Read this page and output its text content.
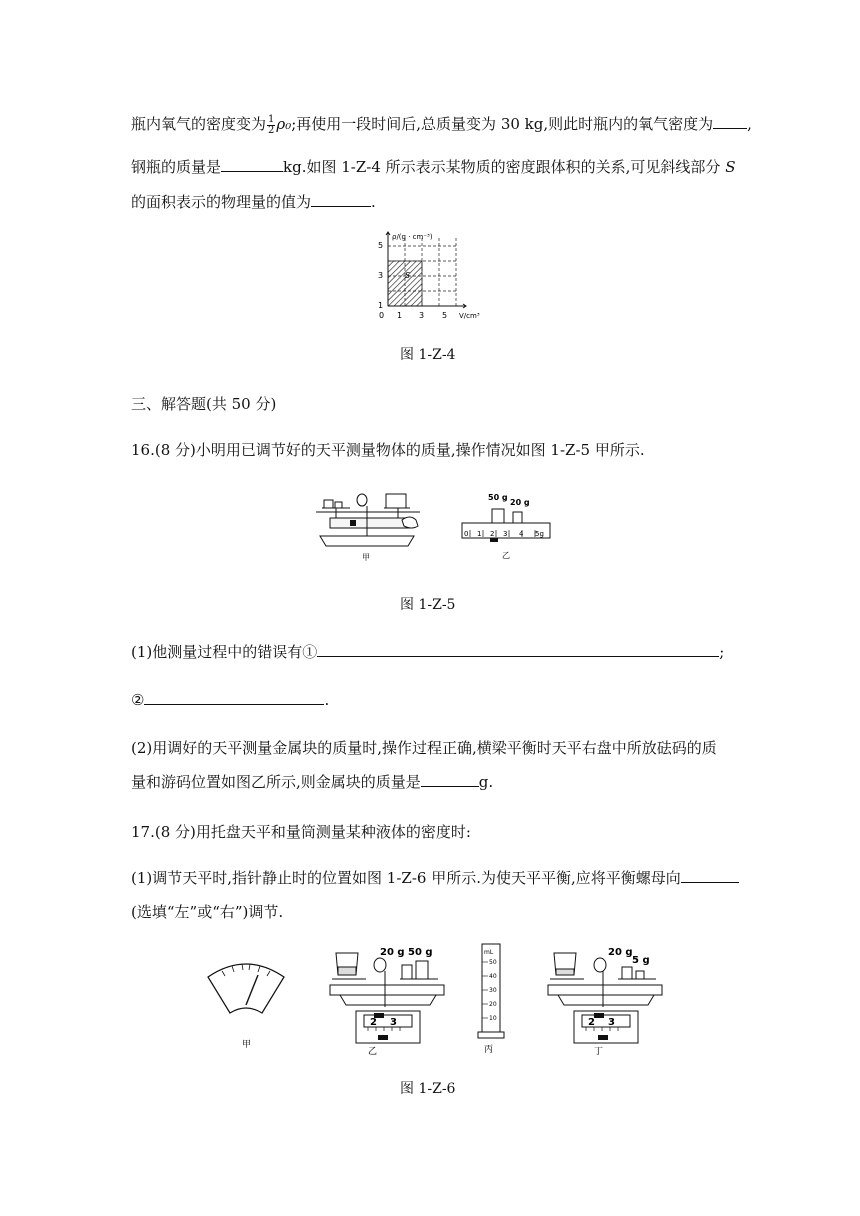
瓶内氧气的密度变为 $\frac{1}{2} \rho_0$;再使用一段时间后,总质量变为 30 kg,则此时瓶内的氧气密度为 ,
钢瓶的质量是	kg.如图 1-Z-4 所示表示某物质的密度跟体积的关系,可见斜线部分 S
的面积表示的物理量的值为	.
ρ/(g · cm⁻³)
V/cm³
S
5
3
1
0 1 3 5
图 1-Z-4
三、解答题(共 50 分)
16.(8 分)小明用已调节好的天平测量物体的质量,操作情况如图 1-Z-5 甲所示.
甲
50 g
20 g
0 1 2 3 4 5g
乙
图 1-Z-5
(1)他测量过程中的错误有①	;
②	.
(2)用调好的天平测量金属块的质量时,操作过程正确,横梁平衡时天平右盘中所放砝码的质
量和游码位置如图乙所示,则金属块的质量是	g.
17.(8 分)用托盘天平和量筒测量某种液体的密度时:
(1)调节天平时,指针静止时的位置如图 1-Z-6 甲所示.为使天平平衡,应将平衡螺母向
(选填“左”或“右”)调节.
甲
20 g 50 g
2 3
乙
mL
50
40
30
20
10
丙
20 g
5 g
2 3
丁
图 1-Z-6
